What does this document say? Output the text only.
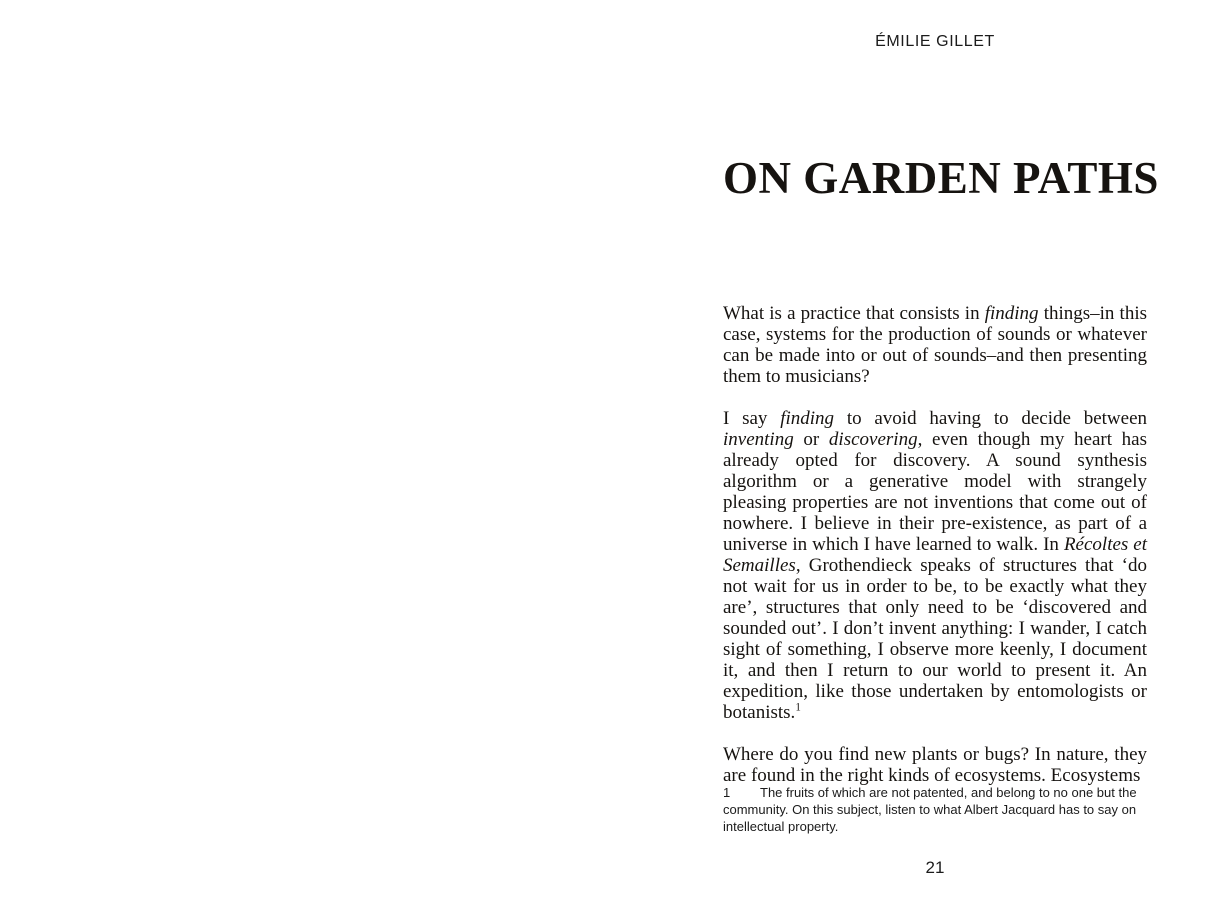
ÉMILIE GILLET
ON GARDEN PATHS

What is a practice that consists in finding things–in this case, systems for the production of sounds or whatever can be made into or out of sounds–and then presenting them to musicians?

I say finding to avoid having to decide between inventing or discovering, even though my heart has already opted for discovery. A sound synthesis algorithm or a generative model with strangely pleasing properties are not inventions that come out of nowhere. I believe in their pre-existence, as part of a universe in which I have learned to walk. In Récoltes et Semailles, Grothendieck speaks of structures that ‘do not wait for us in order to be, to be exactly what they are’, structures that only need to be ‘discovered and sounded out’. I don’t invent anything: I wander, I catch sight of something, I observe more keenly, I document it, and then I return to our world to present it. An expedition, like those undertaken by entomologists or botanists.$^1$

Where do you find new plants or bugs? In nature, they are found in the right kinds of ecosystems. Ecosystems

1 The fruits of which are not patented, and belong to no one but the community. On this subject, listen to what Albert Jacquard has to say on intellectual property.
21
